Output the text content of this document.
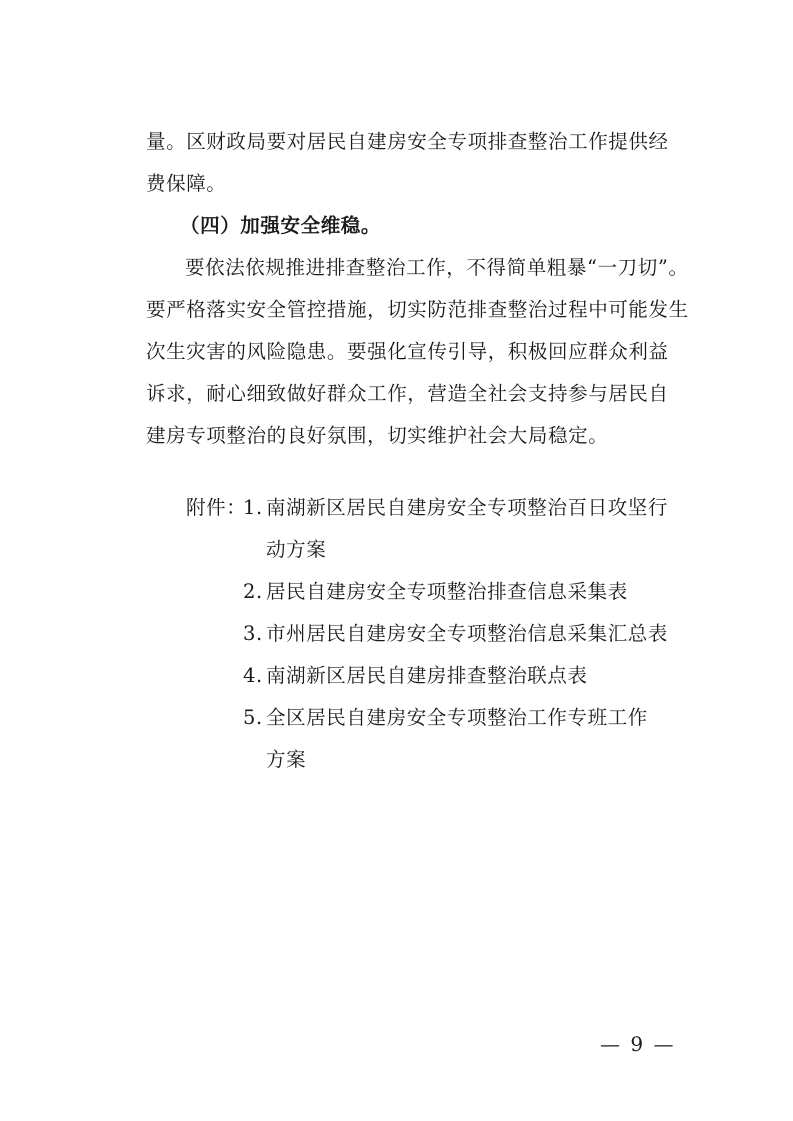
量。区财政局要对居民自建房安全专项排查整治工作提供经
费保障。
（四）加强安全维稳。
要依法依规推进排查整治工作，不得简单粗暴“一刀切”。
要严格落实安全管控措施，切实防范排查整治过程中可能发生
次生灾害的风险隐患。要强化宣传引导，积极回应群众利益
诉求，耐心细致做好群众工作，营造全社会支持参与居民自
建房专项整治的良好氛围，切实维护社会大局稳定。
附件：
1. 南湖新区居民自建房安全专项整治百日攻坚行
动方案
2. 居民自建房安全专项整治排查信息采集表
3. 市州居民自建房安全专项整治信息采集汇总表
4. 南湖新区居民自建房排查整治联点表
5. 全区居民自建房安全专项整治工作专班工作
方案
— 9 —
